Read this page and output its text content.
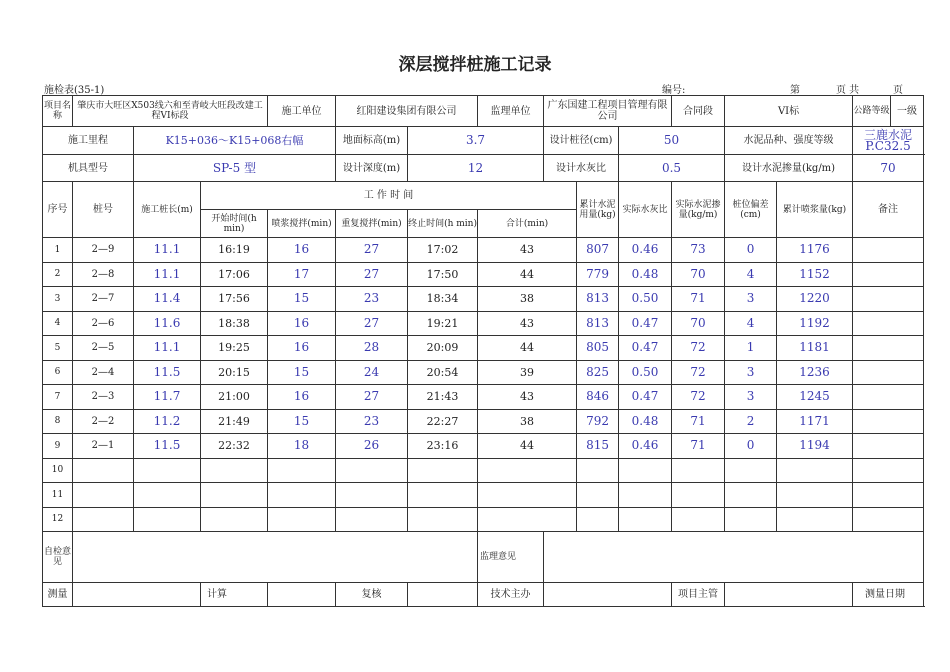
深层搅拌桩施工记录
施检表(35-1)	编号:	第	页 共	页
项目名称	肇庆市大旺区X503线六和至青岐大旺段改建工程VI标段			施工单位	红阳建设集团有限公司		监理单位	广东国建工程项目管理有限公司			合同段	VI标		公路等级	一级
施工里程		K15+036～K15+068右幅			地面标高(m)	3.7		设计桩径(cm)		50		水泥品种、强度等级		三鹿水泥P.C32.5	
机具型号		SP-5 型			设计深度(m)	12		设计水灰比		0.5		设计水泥掺量(kg/m)		70	
序号	桩号	施工桩长(m)	工 作 时 间						累计水泥用量(kg)	实际水灰比	实际水泥掺量(kg/m)	桩位偏差(cm)	累计喷浆量(kg)	备注	
			开始时间(h min)	喷浆搅拌(min)	重复搅拌(min)	终止时间(h min)	合计(min)								
1	2—9	11.1	16:19	16	27	17:02	43		807	0.46	73	0	1176		
2	2—8	11.1	17:06	17	27	17:50	44		779	0.48	70	4	1152		
3	2—7	11.4	17:56	15	23	18:34	38		813	0.50	71	3	1220		
4	2—6	11.6	18:38	16	27	19:21	43		813	0.47	70	4	1192		
5	2—5	11.1	19:25	16	28	20:09	44		805	0.47	72	1	1181		
6	2—4	11.5	20:15	15	24	20:54	39		825	0.50	72	3	1236		
7	2—3	11.7	21:00	16	27	21:43	43		846	0.47	72	3	1245		
8	2—2	11.2	21:49	15	23	22:27	38		792	0.48	71	2	1171		
9	2—1	11.5	22:32	18	26	23:16	44		815	0.46	71	0	1194		
10															
11															
12															
自检意见							监理意见								
测量			计算		复核		技术主办				项目主管			测量日期	
